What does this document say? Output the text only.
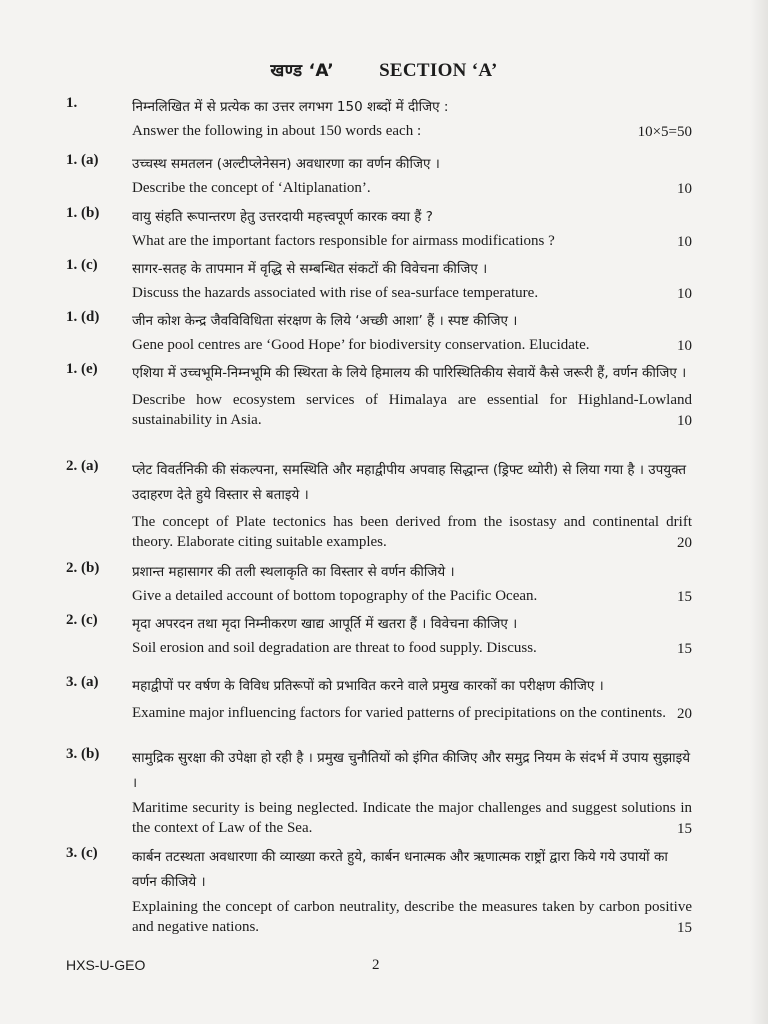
खण्ड ‘A’ SECTION ‘A’
1.	निम्नलिखित में से प्रत्येक का उत्तर लगभग 150 शब्दों में दीजिए :
Answer the following in about 150 words each :	10×5=50
1. (a) उच्चस्थ समतलन (अल्टीप्लेनेसन) अवधारणा का वर्णन कीजिए ।
Describe the concept of ‘Altiplanation’.	10
1. (b) वायु संहति रूपान्तरण हेतु उत्तरदायी महत्त्वपूर्ण कारक क्या हैं ?
What are the important factors responsible for airmass modifications ?	10
1. (c)	सागर-सतह के तापमान में वृद्धि से सम्बन्धित संकटों की विवेचना कीजिए ।
Discuss the hazards associated with rise of sea-surface temperature.	10
1. (d) जीन कोश केन्द्र जैवविविधिता संरक्षण के लिये ‘अच्छी आशा’ हैं । स्पष्ट कीजिए ।
Gene pool centres are ‘Good Hope’ for biodiversity conservation. Elucidate.	10
1. (e)	एशिया में उच्चभूमि-निम्नभूमि की स्थिरता के लिये हिमालय की पारिस्थितिकीय सेवायें कैसे जरूरी हैं, वर्णन कीजिए ।
Describe how ecosystem services of Himalaya are essential for Highland-Lowland sustainability in Asia.	10
2. (a) प्लेट विवर्तनिकी की संकल्पना, समस्थिति और महाद्वीपीय अपवाह सिद्धान्त (ड्रिफ्ट थ्योरी) से लिया गया है । उपयुक्त उदाहरण देते हुये विस्तार से बताइये ।
The concept of Plate tectonics has been derived from the isostasy and continental drift theory. Elaborate citing suitable examples.	20
2. (b) प्रशान्त महासागर की तली स्थलाकृति का विस्तार से वर्णन कीजिये ।
Give a detailed account of bottom topography of the Pacific Ocean.	15
2. (c)	मृदा अपरदन तथा मृदा निम्नीकरण खाद्य आपूर्ति में खतरा हैं । विवेचना कीजिए ।
Soil erosion and soil degradation are threat to food supply. Discuss.	15
3. (a) महाद्वीपों पर वर्षण के विविध प्रतिरूपों को प्रभावित करने वाले प्रमुख कारकों का परीक्षण कीजिए ।
Examine major influencing factors for varied patterns of precipitations on the continents. 20
3. (b) सामुद्रिक सुरक्षा की उपेक्षा हो रही है । प्रमुख चुनौतियों को इंगित कीजिए और समुद्र नियम के संदर्भ में उपाय सुझाइये ।
Maritime security is being neglected. Indicate the major challenges and suggest solutions in the context of Law of the Sea.	15
3. (c)	कार्बन तटस्थता अवधारणा की व्याख्या करते हुये, कार्बन धनात्मक और ऋणात्मक राष्ट्रों द्वारा किये गये उपायों का वर्णन कीजिये ।
Explaining the concept of carbon neutrality, describe the measures taken by carbon positive and negative nations.	15
HXS-U-GEO	2
